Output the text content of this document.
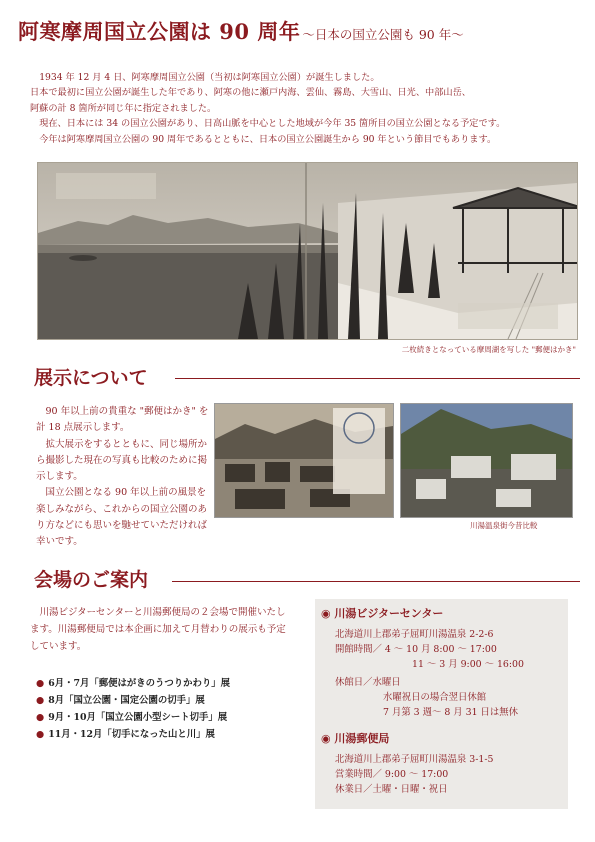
阿寒摩周国立公園は 90 周年 ～日本の国立公園も 90 年～

1934 年 12 月 4 日、阿寒摩周国立公園（当初は阿寒国立公園）が誕生しました。

日本で最初に国立公園が誕生した年であり、阿寒の他に瀬戸内海、雲仙、霧島、大雪山、日光、中部山岳、

阿蘇の計 8 箇所が同じ年に指定されました。

現在、日本には 34 の国立公園があり、日高山脈を中心とした地域が今年 35 箇所目の国立公園となる予定です。

今年は阿寒摩周国立公園の 90 周年であるとともに、日本の国立公園誕生から 90 年という節目でもあります。

二枚続きとなっている摩周湖を写した "郵便はかき"
展示について

90 年以上前の貴重な "郵便はかき" を計 18 点展示します。

拡大展示をするとともに、同じ場所から撮影した現在の写真も比較のために掲示します。

国立公園となる 90 年以上前の風景を楽しみながら、これからの国立公園のあり方などにも思いを馳せていただければ幸いです。

川湯温泉街今昔比較
会場のご案内

川湯ビジターセンターと川湯郵便局の２会場で開催いたします。川湯郵便局では本企画に加えて月替わりの展示も予定しています。

● 6月・7月「郵便はがきのうつりかわり」展
● 8月「国立公園・国定公園の切手」展
● 9月・10月「国立公園小型シート切手」展
● 11月・12月「切手になった山と川」展
◉ 川湯ビジターセンター
北海道川上郡弟子屈町川湯温泉 2-2-6
開館時間／ 4 ～ 10 月 8:00 ～ 17:00
11 ～ 3 月 9:00 ～ 16:00
休館日／水曜日
水曜祝日の場合翌日休館
7 月第 3 週～ 8 月 31 日は無休
◉ 川湯郵便局
北海道川上郡弟子屈町川湯温泉 3-1-5
営業時間／ 9:00 ～ 17:00
休業日／土曜・日曜・祝日
